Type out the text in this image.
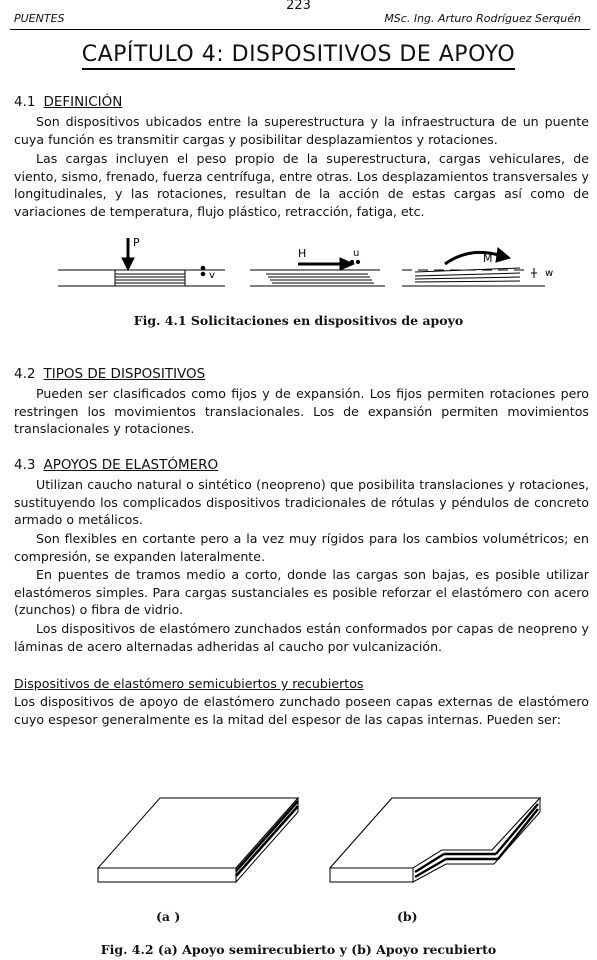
223
PUENTES	MSc. Ing. Arturo Rodríguez Serquén
CAPÍTULO 4: DISPOSITIVOS DE APOYO
4.1 DEFINICIÓN
Son dispositivos ubicados entre la superestructura y la infraestructura de un puente cuya función es transmitir cargas y posibilitar desplazamientos y rotaciones.
Las cargas incluyen el peso propio de la superestructura, cargas vehiculares, de viento, sismo, frenado, fuerza centrífuga, entre otras. Los desplazamientos transversales y longitudinales, y las rotaciones, resultan de la acción de estas cargas así como de variaciones de temperatura, flujo plástico, retracción, fatiga, etc.
P
v
H	u	M
w
Fig. 4.1 Solicitaciones en dispositivos de apoyo
4.2 TIPOS DE DISPOSITIVOS
Pueden ser clasificados como fijos y de expansión. Los fijos permiten rotaciones pero restringen los movimientos translacionales. Los de expansión permiten movimientos translacionales y rotaciones.
4.3 APOYOS DE ELASTÓMERO
Utilizan caucho natural o sintético (neopreno) que posibilita translaciones y rotaciones, sustituyendo los complicados dispositivos tradicionales de rótulas y péndulos de concreto armado o metálicos.
Son flexibles en cortante pero a la vez muy rígidos para los cambios volumétricos; en compresión, se expanden lateralmente.
En puentes de tramos medio a corto, donde las cargas son bajas, es posible utilizar elastómeros simples. Para cargas sustanciales es posible reforzar el elastómero con acero (zunchos) o fibra de vidrio.
Los dispositivos de elastómero zunchados están conformados por capas de neopreno y láminas de acero alternadas adheridas al caucho por vulcanización.
Dispositivos de elastómero semicubiertos y recubiertos
Los dispositivos de apoyo de elastómero zunchado poseen capas externas de elastómero cuyo espesor generalmente es la mitad del espesor de las capas internas. Pueden ser:
(a )	(b)
Fig. 4.2 (a) Apoyo semirecubierto y (b) Apoyo recubierto
